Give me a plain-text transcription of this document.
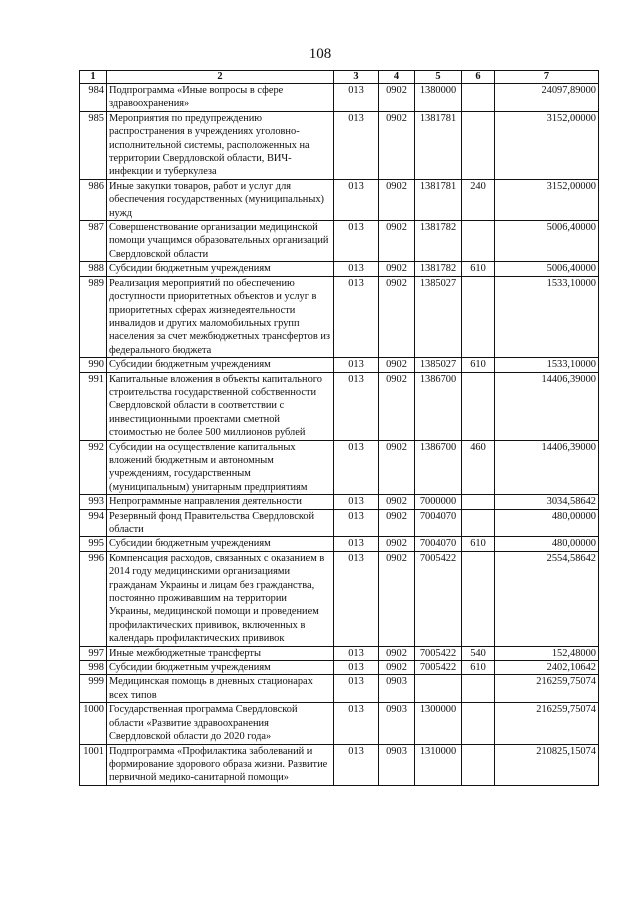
108
1	2	3	4	5	6	7
984	Подпрограмма «Иные вопросы в сфере здравоохранения»	013	0902	1380000		24097,89000
985	Мероприятия по предупреждению распространения в учреждениях уголовно-исполнительной системы, расположенных на территории Свердловской области, ВИЧ-инфекции и туберкулеза	013	0902	1381781		3152,00000
986	Иные закупки товаров, работ и услуг для обеспечения государственных (муниципальных) нужд	013	0902	1381781	240	3152,00000
987	Совершенствование организации медицинской помощи учащимся образовательных организаций Свердловской области	013	0902	1381782		5006,40000
988	Субсидии бюджетным учреждениям	013	0902	1381782	610	5006,40000
989	Реализация мероприятий по обеспечению доступности приоритетных объектов и услуг в приоритетных сферах жизнедеятельности инвалидов и других маломобильных групп населения за счет межбюджетных трансфертов из федерального бюджета	013	0902	1385027		1533,10000
990	Субсидии бюджетным учреждениям	013	0902	1385027	610	1533,10000
991	Капитальные вложения в объекты капитального строительства государственной собственности Свердловской области в соответствии с инвестиционными проектами сметной стоимостью не более 500 миллионов рублей	013	0902	1386700		14406,39000
992	Субсидии на осуществление капитальных вложений бюджетным и автономным учреждениям, государственным (муниципальным) унитарным предприятиям	013	0902	1386700	460	14406,39000
993	Непрограммные направления деятельности	013	0902	7000000		3034,58642
994	Резервный фонд Правительства Свердловской области	013	0902	7004070		480,00000
995	Субсидии бюджетным учреждениям	013	0902	7004070	610	480,00000
996	Компенсация расходов, связанных с оказанием в 2014 году медицинскими организациями гражданам Украины и лицам без гражданства, постоянно проживавшим на территории Украины, медицинской помощи и проведением профилактических прививок, включенных в календарь профилактических прививок	013	0902	7005422		2554,58642
997	Иные межбюджетные трансферты	013	0902	7005422	540	152,48000
998	Субсидии бюджетным учреждениям	013	0902	7005422	610	2402,10642
999	Медицинская помощь в дневных стационарах всех типов	013	0903			216259,75074
1000	Государственная программа Свердловской области «Развитие здравоохранения Свердловской области до 2020 года»	013	0903	1300000		216259,75074
1001	Подпрограмма «Профилактика заболеваний и формирование здорового образа жизни. Развитие первичной медико-санитарной помощи»	013	0903	1310000		210825,15074
